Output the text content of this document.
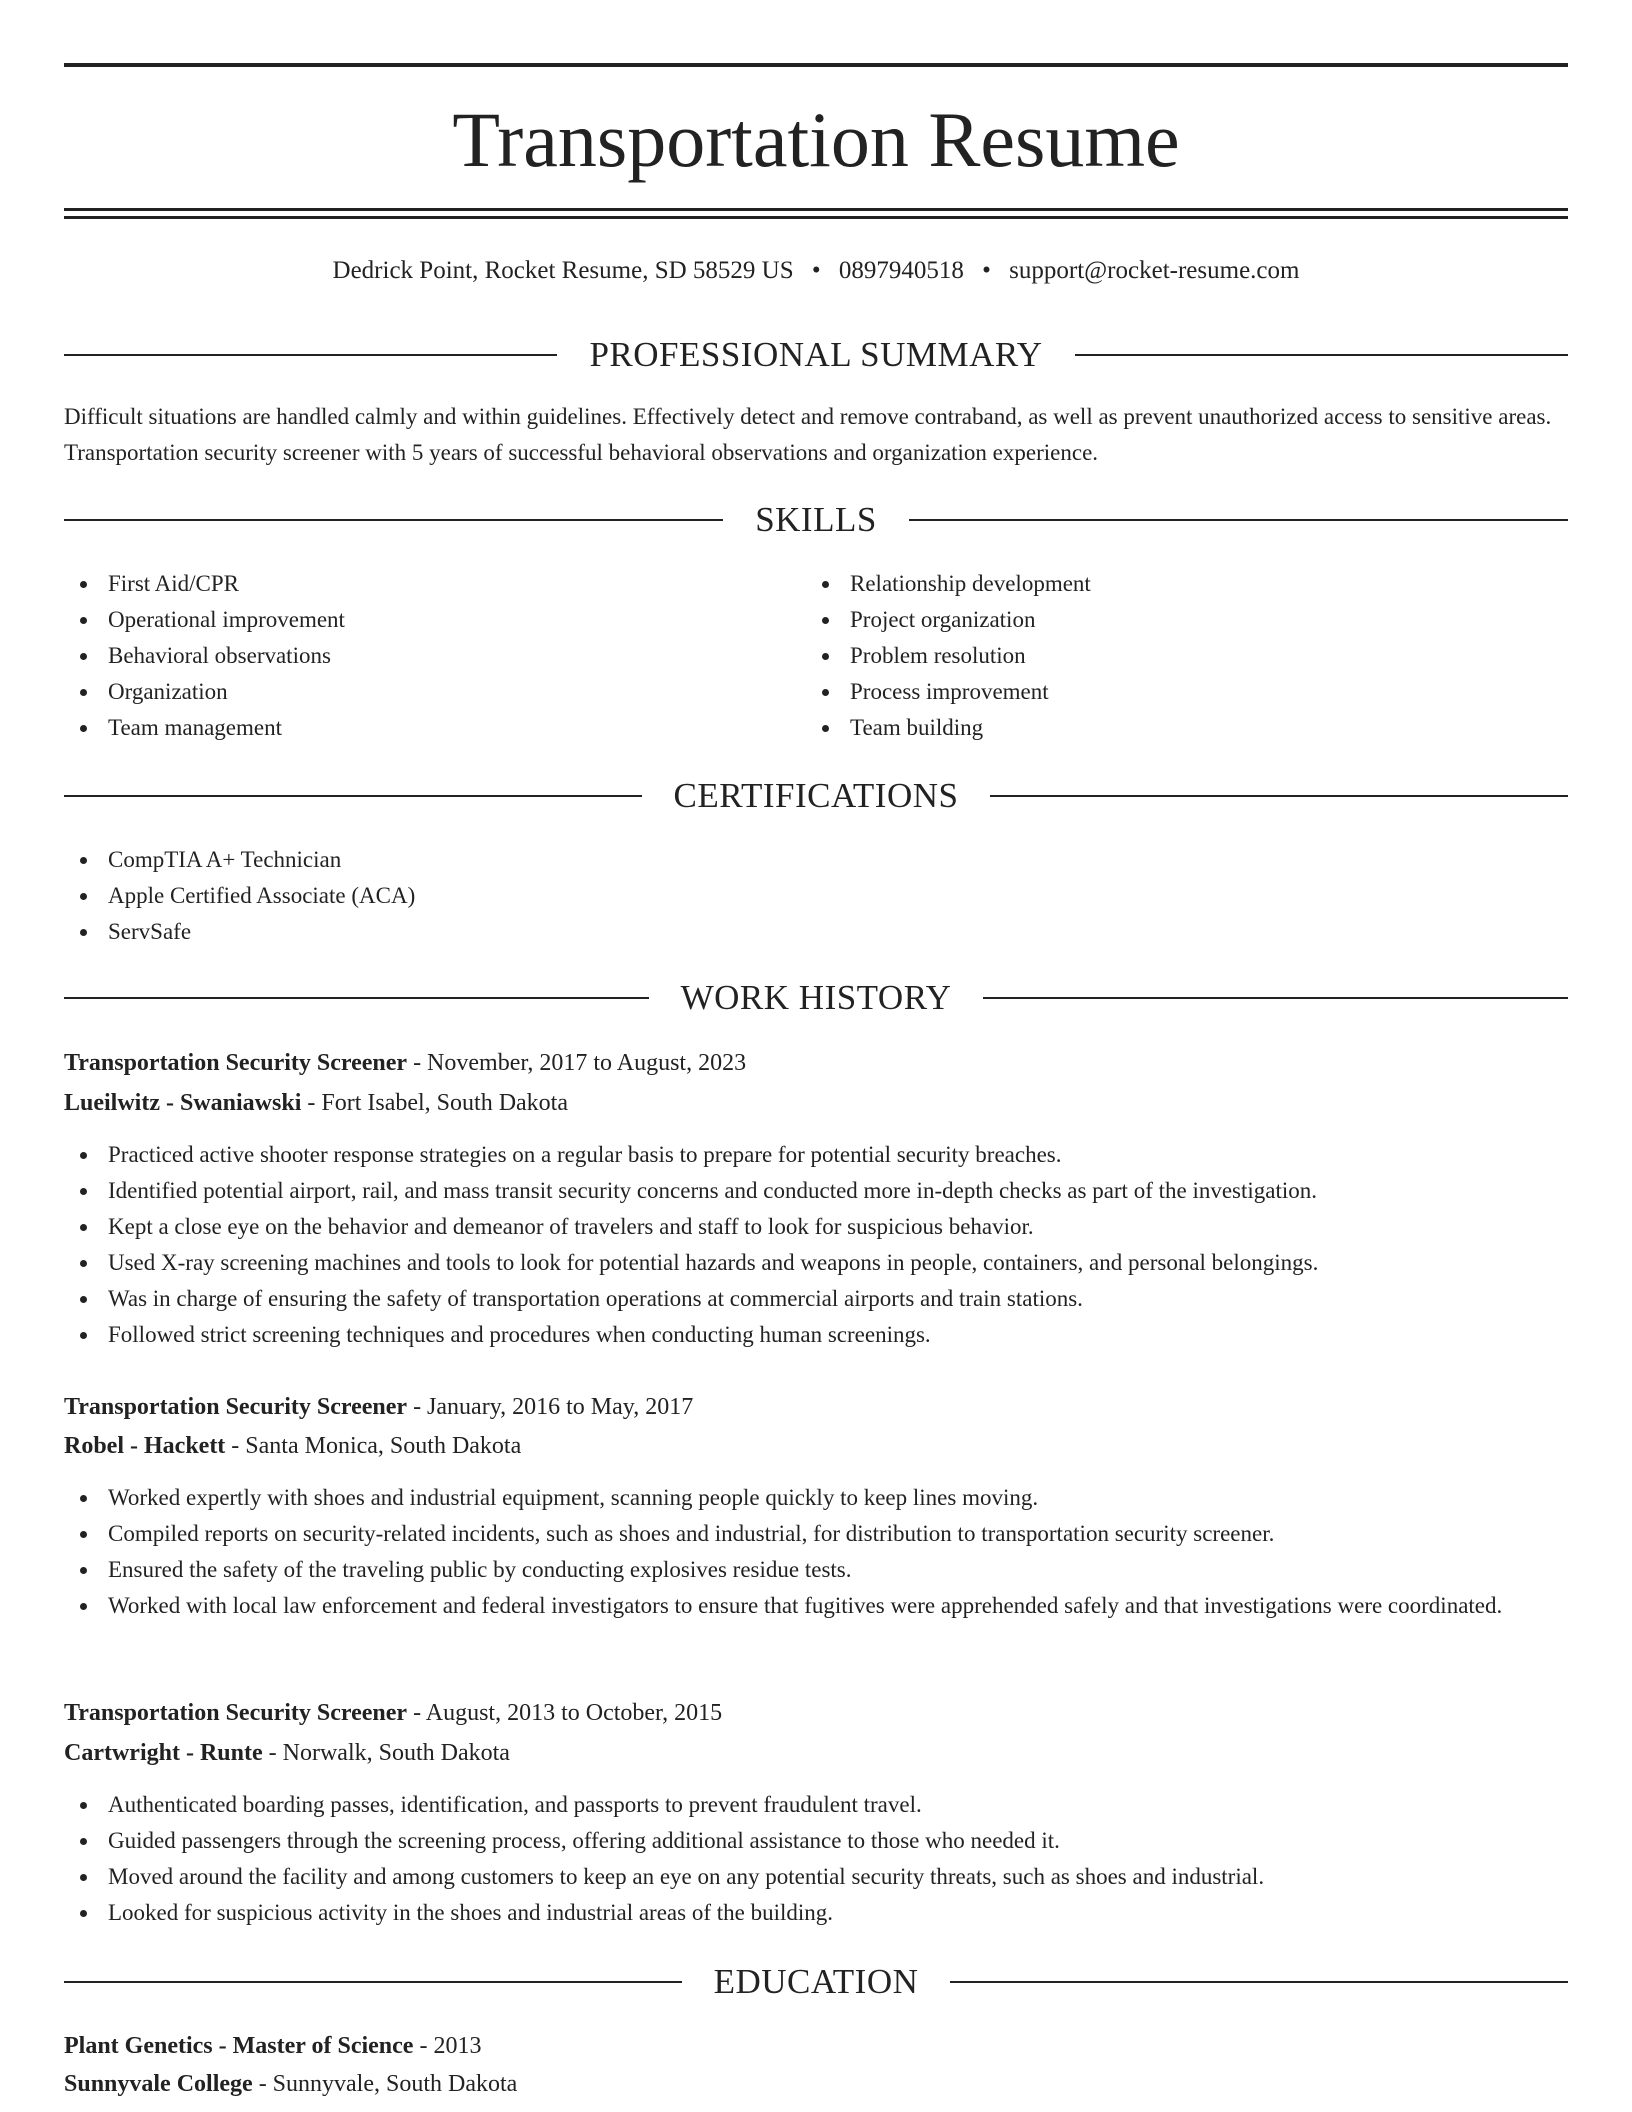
Transportation Resume
Dedrick Point, Rocket Resume, SD 58529 US • 0897940518 • support@rocket-resume.com
PROFESSIONAL SUMMARY

Difficult situations are handled calmly and within guidelines. Effectively detect and remove contraband, as well as prevent unauthorized access to sensitive areas. Transportation security screener with 5 years of successful behavioral observations and organization experience.

SKILLS
First Aid/CPR
Operational improvement
Behavioral observations
Organization
Team management
Relationship development
Project organization
Problem resolution
Process improvement
Team building
CERTIFICATIONS
CompTIA A+ Technician
Apple Certified Associate (ACA)
ServSafe
WORK HISTORY
Transportation Security Screener - November, 2017 to August, 2023
Lueilwitz - Swaniawski - Fort Isabel, South Dakota
Practiced active shooter response strategies on a regular basis to prepare for potential security breaches.
Identified potential airport, rail, and mass transit security concerns and conducted more in-depth checks as part of the investigation.
Kept a close eye on the behavior and demeanor of travelers and staff to look for suspicious behavior.
Used X-ray screening machines and tools to look for potential hazards and weapons in people, containers, and personal belongings.
Was in charge of ensuring the safety of transportation operations at commercial airports and train stations.
Followed strict screening techniques and procedures when conducting human screenings.
Transportation Security Screener - January, 2016 to May, 2017
Robel - Hackett - Santa Monica, South Dakota
Worked expertly with shoes and industrial equipment, scanning people quickly to keep lines moving.
Compiled reports on security-related incidents, such as shoes and industrial, for distribution to transportation security screener.
Ensured the safety of the traveling public by conducting explosives residue tests.
Worked with local law enforcement and federal investigators to ensure that fugitives were apprehended safely and that investigations were coordinated.
Transportation Security Screener - August, 2013 to October, 2015
Cartwright - Runte - Norwalk, South Dakota
Authenticated boarding passes, identification, and passports to prevent fraudulent travel.
Guided passengers through the screening process, offering additional assistance to those who needed it.
Moved around the facility and among customers to keep an eye on any potential security threats, such as shoes and industrial.
Looked for suspicious activity in the shoes and industrial areas of the building.
EDUCATION
Plant Genetics - Master of Science - 2013
Sunnyvale College - Sunnyvale, South Dakota
